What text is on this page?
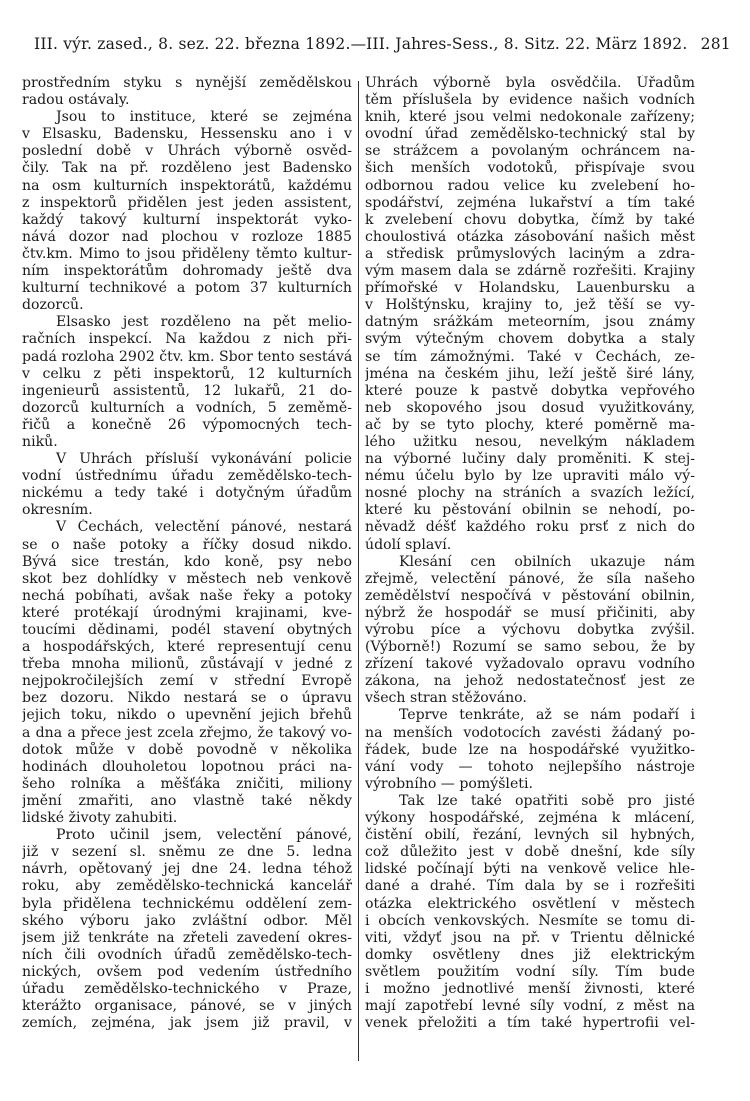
III. výr. zased., 8. sez. 22. března 1892. — III. Jahres-Sess., 8. Sitz. 22. März 1892. 281
prostředním styku s nynější zemědělskou
radou ostávaly.
Jsou to instituce, které se zejména
v Elsasku, Badensku, Hessensku ano i v
poslední době v Uhrách výborně osvěd-
čily. Tak na př. rozděleno jest Badensko
na osm kulturních inspektorátů, každému
z inspektorů přidělen jest jeden assistent,
každý takový kulturní inspektorát vyko-
nává dozor nad plochou v rozloze 1885
čtv.km. Mimo to jsou přiděleny těmto kultur-
ním inspektorátům dohromady ještě dva
kulturní technikové a potom 37 kulturních
dozorců.
Elsasko jest rozděleno na pět melio-
račních inspekcí. Na každou z nich při-
padá rozloha 2902 čtv. km. Sbor tento sestává
v celku z pěti inspektorů, 12 kulturních
ingenieurů assistentů, 12 lukařů, 21 do-
dozorců kulturních a vodních, 5 zeměmě-
řičů a konečně 26 výpomocných tech-
niků.
V Uhrách přísluší vykonávání policie
vodní ústřednímu úřadu zemědělsko-tech-
nickému a tedy také i dotyčným úřadům
okresním.
V Čechách, velectění pánové, nestará
se o naše potoky a říčky dosud nikdo.
Bývá sice trestán, kdo koně, psy nebo
skot bez dohlídky v městech neb venkově
nechá pobíhati, avšak naše řeky a potoky
které protékají úrodnými krajinami, kve-
toucími dědinami, podél stavení obytných
a hospodářských, které representují cenu
třeba mnoha milionů, zůstávají v jedné z
nejpokročilejších zemí v střední Evropě
bez dozoru. Nikdo nestará se o úpravu
jejich toku, nikdo o upevnění jejich břehů
a dna a přece jest zcela zřejmo, že takový vo-
dotok může v době povodně v několika
hodinách dlouholetou lopotnou práci na-
šeho rolníka a měšťáka zničiti, miliony
jmění zmařiti, ano vlastně také někdy
lidské životy zahubiti.
Proto učinil jsem, velectění pánové,
již v sezení sl. sněmu ze dne 5. ledna
návrh, opětovaný jej dne 24. ledna téhož
roku, aby zemědělsko-technická kancelář
byla přidělena technickému oddělení zem-
ského výboru jako zvláštní odbor. Měl
jsem již tenkráte na zřeteli zavedení okres-
ních čili ovodních úřadů zemědělsko-tech-
nických, ovšem pod vedením ústředního
úřadu zemědělsko-technického v Praze,
kterážto organisace, pánové, se v jiných
zemích, zejména, jak jsem již pravil, v
Uhrách výborně byla osvědčila. Úřadům
těm příslušela by evidence našich vodních
knih, které jsou velmi nedokonale zařízeny;
ovodní úřad zemědělsko-technický stal by
se strážcem a povolaným ochráncem na-
šich menších vodotoků, přispívaje svou
odbornou radou velice ku zvelebení ho-
spodářství, zejména lukařství a tím také
k zvelebení chovu dobytka, čímž by také
choulostivá otázka zásobování našich měst
a středisk průmyslových laciným a zdra-
vým masem dala se zdárně rozřešiti. Krajiny
přímořské v Holandsku, Lauenbursku a
v Holštýnsku, krajiny to, jež těší se vy-
datným srážkám meteorním, jsou známy
svým výtečným chovem dobytka a staly
se tím zámožnými. Také v Čechách, ze-
jména na českém jihu, leží ještě širé lány,
které pouze k pastvě dobytka vepřového
neb skopového jsou dosud využitkovány,
ač by se tyto plochy, které poměrně ma-
lého užitku nesou, nevelkým nákladem
na výborné lučiny daly proměniti. K stej-
nému účelu bylo by lze upraviti málo vý-
nosné plochy na stráních a svazích ležící,
které ku pěstování obilnin se nehodí, po-
něvadž déšť každého roku prsť z nich do
údolí splaví.
Klesání cen obilních ukazuje nám
zřejmě, velectění pánové, že síla našeho
zemědělství nespočívá v pěstování obilnin,
nýbrž že hospodář se musí přičiniti, aby
výrobu píce a výchovu dobytka zvýšil.
(Výborně!) Rozumí se samo sebou, že by
zřízení takové vyžadovalo opravu vodního
zákona, na jehož nedostatečnosť jest ze
všech stran stěžováno.
Teprve tenkráte, až se nám podaří i
na menších vodotocích zavésti žádaný po-
řádek, bude lze na hospodářské využitko-
vání vody — tohoto nejlepšího nástroje
výrobního — pomýšleti.
Tak lze také opatřiti sobě pro jisté
výkony hospodářské, zejména k mlácení,
čistění obilí, řezání, levných sil hybných,
což důležito jest v době dnešní, kde síly
lidské počínají býti na venkově velice hle-
dané a drahé. Tím dala by se i rozřešiti
otázka elektrického osvětlení v městech
i obcích venkovských. Nesmíte se tomu di-
viti, vždyť jsou na př. v Trientu dělnické
domky osvětleny dnes již elektrickým
světlem použitím vodní síly. Tím bude
i možno jednotlivé menší živnosti, které
mají zapotřebí levné síly vodní, z měst na
venek přeložiti a tím také hypertrofii vel-
